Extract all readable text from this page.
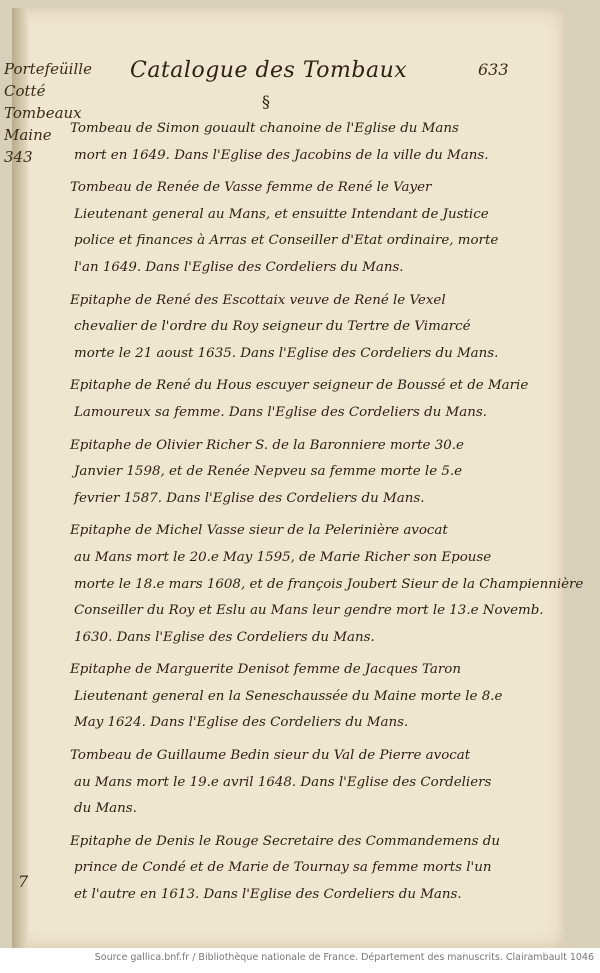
Portefeüille
Cotté
Tombeaux
Maine
343
Catalogue des Tombaux
§
633
Tombeau de Simon gouault chanoine de l'Eglise du Mans
mort en 1649. Dans l'Eglise des Jacobins de la ville du Mans.
Tombeau de Renée de Vasse femme de René le Vayer
Lieutenant general au Mans, et ensuitte Intendant de Justice
police et finances à Arras et Conseiller d'Etat ordinaire, morte
l'an 1649. Dans l'Eglise des Cordeliers du Mans.
Epitaphe de René des Escottaix veuve de René le Vexel
chevalier de l'ordre du Roy seigneur du Tertre de Vimarcé
morte le 21 aoust 1635. Dans l'Eglise des Cordeliers du Mans.
Epitaphe de René du Hous escuyer seigneur de Boussé et de Marie
Lamoureux sa femme. Dans l'Eglise des Cordeliers du Mans.
Epitaphe de Olivier Richer S. de la Baronniere morte 30.e
Janvier 1598, et de Renée Nepveu sa femme morte le 5.e
fevrier 1587. Dans l'Eglise des Cordeliers du Mans.
Epitaphe de Michel Vasse sieur de la Pelerinière avocat
au Mans mort le 20.e May 1595, de Marie Richer son Epouse
morte le 18.e mars 1608, et de françois Joubert Sieur de la Champiennière
Conseiller du Roy et Eslu au Mans leur gendre mort le 13.e Novemb.
1630. Dans l'Eglise des Cordeliers du Mans.
Epitaphe de Marguerite Denisot femme de Jacques Taron
Lieutenant general en la Seneschaussée du Maine morte le 8.e
May 1624. Dans l'Eglise des Cordeliers du Mans.
Tombeau de Guillaume Bedin sieur du Val de Pierre avocat
au Mans mort le 19.e avril 1648. Dans l'Eglise des Cordeliers
du Mans.
Epitaphe de Denis le Rouge Secretaire des Commandemens du
prince de Condé et de Marie de Tournay sa femme morts l'un
et l'autre en 1613. Dans l'Eglise des Cordeliers du Mans.
7
Source gallica.bnf.fr / Bibliothèque nationale de France. Département des manuscrits. Clairambault 1046
